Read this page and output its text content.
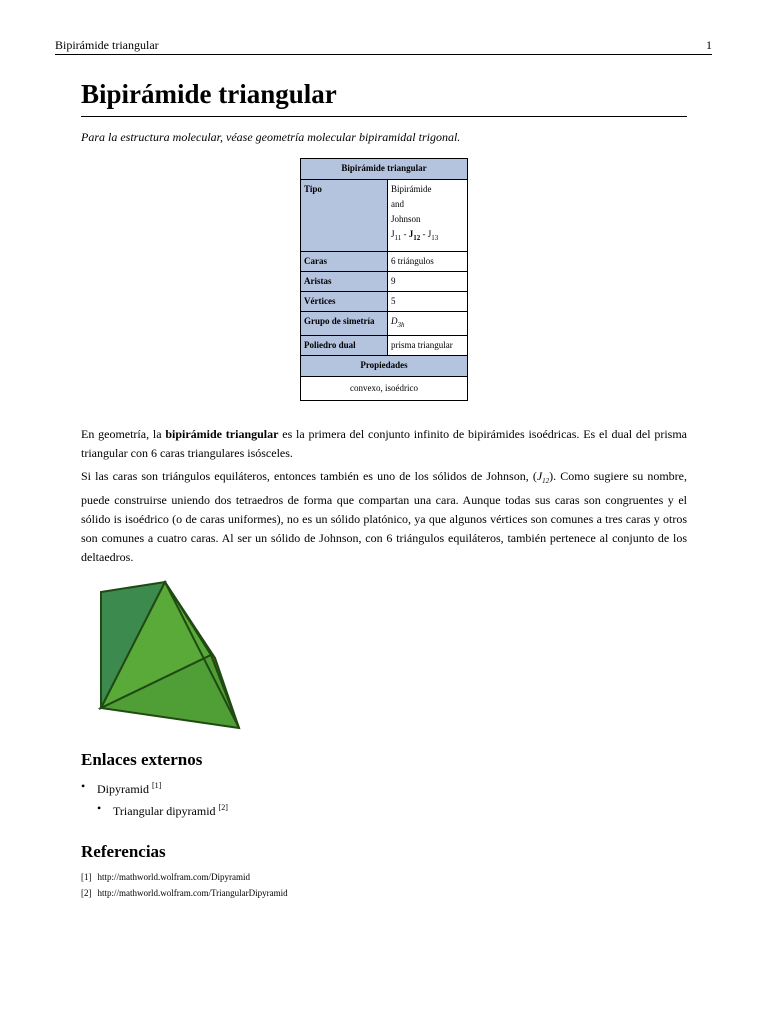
Bipirámide triangular	1
Bipirámide triangular
Para la estructura molecular, véase geometría molecular bipiramidal trigonal.
Bipirámide triangular	
Tipo	Bipirámide
and
Johnson
$J_{11} - J_{12} - J_{13}$

Caras	6 triángulos
Aristas	9
Vértices	5
Grupo de simetría	$D_{3h}$
Poliedro dual	prisma triangular
Propiedades	
convexo, isoédrico	

En geometría, la bipirámide triangular es la primera del conjunto infinito de bipirámides isoédricas. Es el dual del prisma triangular con 6 caras triangulares isósceles.

Si las caras son triángulos equiláteros, entonces también es uno de los sólidos de Johnson, $(J_{12})$. Como sugiere su nombre, puede construirse uniendo dos tetraedros de forma que compartan una cara. Aunque todas sus caras son congruentes y el sólido is isoédrico (o de caras uniformes), no es un sólido platónico, ya que algunos vértices son comunes a tres caras y otros son comunes a cuatro caras. Al ser un sólido de Johnson, con 6 triángulos equiláteros, también pertenece al conjunto de los deltaedros.

Enlaces externos
• Dipyramid [1]
• Triangular dipyramid [2]
Referencias
[1] http://mathworld.wolfram.com/Dipyramid
[2] http://mathworld.wolfram.com/TriangularDipyramid
